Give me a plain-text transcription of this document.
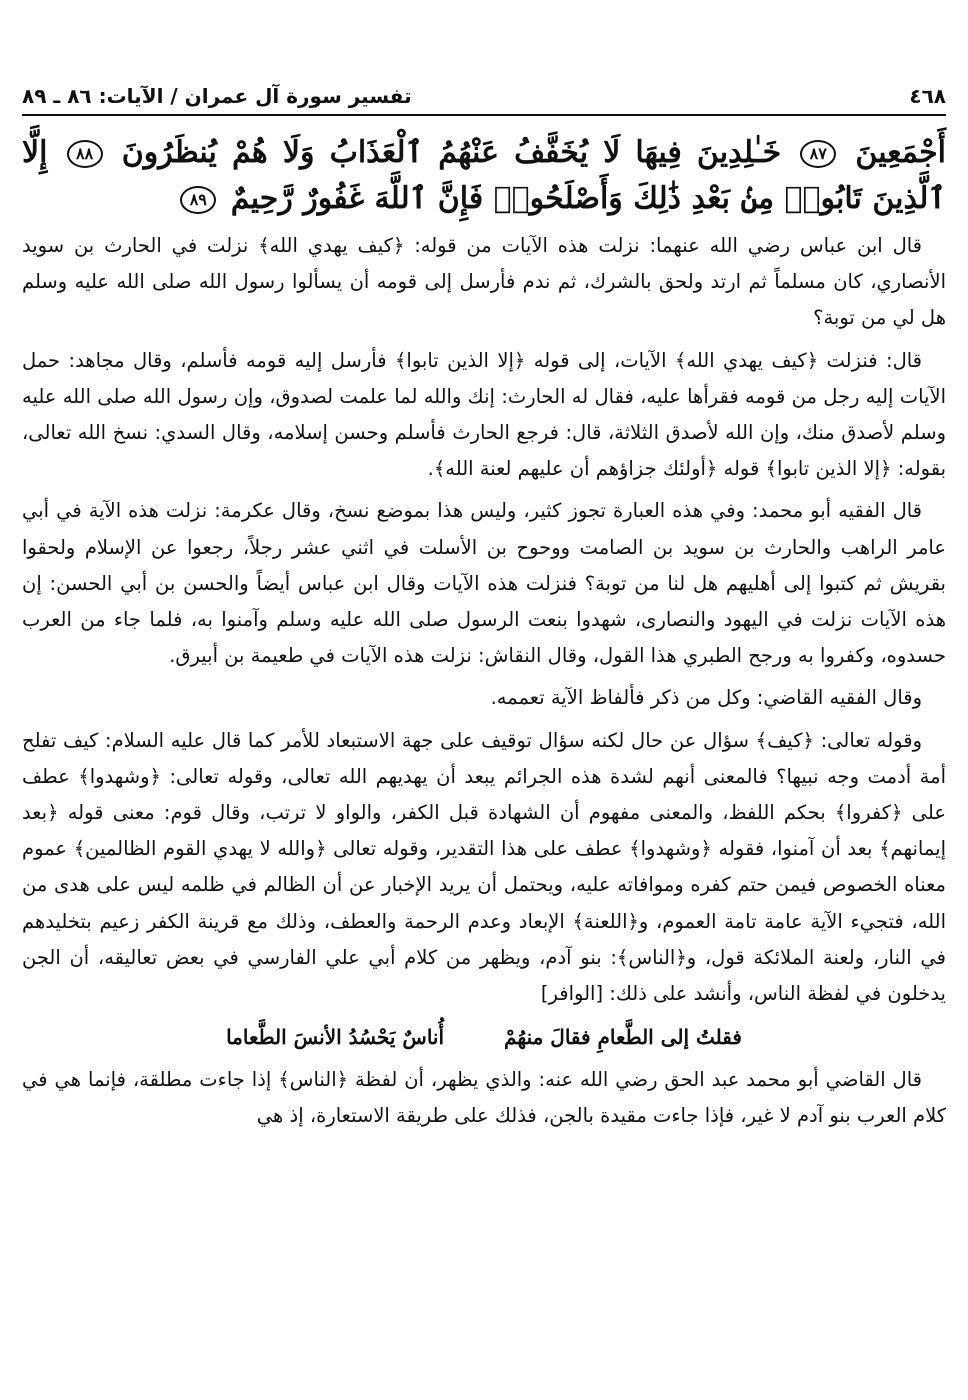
٤٦٨
تفسير سورة آل عمران / الآيات: ٨٦ ـ ٨٩
أَجْمَعِينَ ٨٧ خَـٰلِدِينَ فِيهَا لَا يُخَفَّفُ عَنْهُمُ ٱلْعَذَابُ وَلَا هُمْ يُنظَرُونَ ٨٨ إِلَّا ٱلَّذِينَ تَابُوا۟ مِنۢ بَعْدِ ذَٰلِكَ وَأَصْلَحُوا۟ فَإِنَّ ٱللَّهَ غَفُورٌ رَّحِيمٌ ٨٩

قال ابن عباس رضي الله عنهما: نزلت هذه الآيات من قوله: ﴿كيف يهدي الله﴾ نزلت في الحارث بن سويد الأنصاري، كان مسلماً ثم ارتد ولحق بالشرك، ثم ندم فأرسل إلى قومه أن يسألوا رسول الله صلى الله عليه وسلم هل لي من توبة؟

قال: فنزلت ﴿كيف يهدي الله﴾ الآيات، إلى قوله ﴿إلا الذين تابوا﴾ فأرسل إليه قومه فأسلم، وقال مجاهد: حمل الآيات إليه رجل من قومه فقرأها عليه، فقال له الحارث: إنك والله لما علمت لصدوق، وإن رسول الله صلى الله عليه وسلم لأصدق منك، وإن الله لأصدق الثلاثة، قال: فرجع الحارث فأسلم وحسن إسلامه، وقال السدي: نسخ الله تعالى، بقوله: ﴿إلا الذين تابوا﴾ قوله ﴿أولئك جزاؤهم أن عليهم لعنة الله﴾.

قال الفقيه أبو محمد: وفي هذه العبارة تجوز كثير، وليس هذا بموضع نسخ، وقال عكرمة: نزلت هذه الآية في أبي عامر الراهب والحارث بن سويد بن الصامت ووحوح بن الأسلت في اثني عشر رجلاً، رجعوا عن الإسلام ولحقوا بقريش ثم كتبوا إلى أهليهم هل لنا من توبة؟ فنزلت هذه الآيات وقال ابن عباس أيضاً والحسن بن أبي الحسن: إن هذه الآيات نزلت في اليهود والنصارى، شهدوا بنعت الرسول صلى الله عليه وسلم وآمنوا به، فلما جاء من العرب حسدوه، وكفروا به ورجح الطبري هذا القول، وقال النقاش: نزلت هذه الآيات في طعيمة بن أبيرق.

وقال الفقيه القاضي: وكل من ذكر فألفاظ الآية تعممه.

وقوله تعالى: ﴿كيف﴾ سؤال عن حال لكنه سؤال توقيف على جهة الاستبعاد للأمر كما قال عليه السلام: كيف تفلح أمة أدمت وجه نبيها؟ فالمعنى أنهم لشدة هذه الجرائم يبعد أن يهديهم الله تعالى، وقوله تعالى: ﴿وشهدوا﴾ عطف على ﴿كفروا﴾ بحكم اللفظ، والمعنى مفهوم أن الشهادة قبل الكفر، والواو لا ترتب، وقال قوم: معنى قوله ﴿بعد إيمانهم﴾ بعد أن آمنوا، فقوله ﴿وشهدوا﴾ عطف على هذا التقدير، وقوله تعالى ﴿والله لا يهدي القوم الظالمين﴾ عموم معناه الخصوص فيمن حتم كفره وموافاته عليه، ويحتمل أن يريد الإخبار عن أن الظالم في ظلمه ليس على هدى من الله، فتجيء الآية عامة تامة العموم، و﴿اللعنة﴾ الإبعاد وعدم الرحمة والعطف، وذلك مع قرينة الكفر زعيم بتخليدهم في النار، ولعنة الملائكة قول، و﴿الناس﴾: بنو آدم، ويظهر من كلام أبي علي الفارسي في بعض تعاليقه، أن الجن يدخلون في لفظة الناس، وأنشد على ذلك: [الوافر]

فقلتُ إلى الطَّعامِ فقالَ منهُمْ
أُناسٌ يَحْسُدُ الأنسَ الطَّعاما

قال القاضي أبو محمد عبد الحق رضي الله عنه: والذي يظهر، أن لفظة ﴿الناس﴾ إذا جاءت مطلقة، فإنما هي في كلام العرب بنو آدم لا غير، فإذا جاءت مقيدة بالجن، فذلك على طريقة الاستعارة، إذ هي
